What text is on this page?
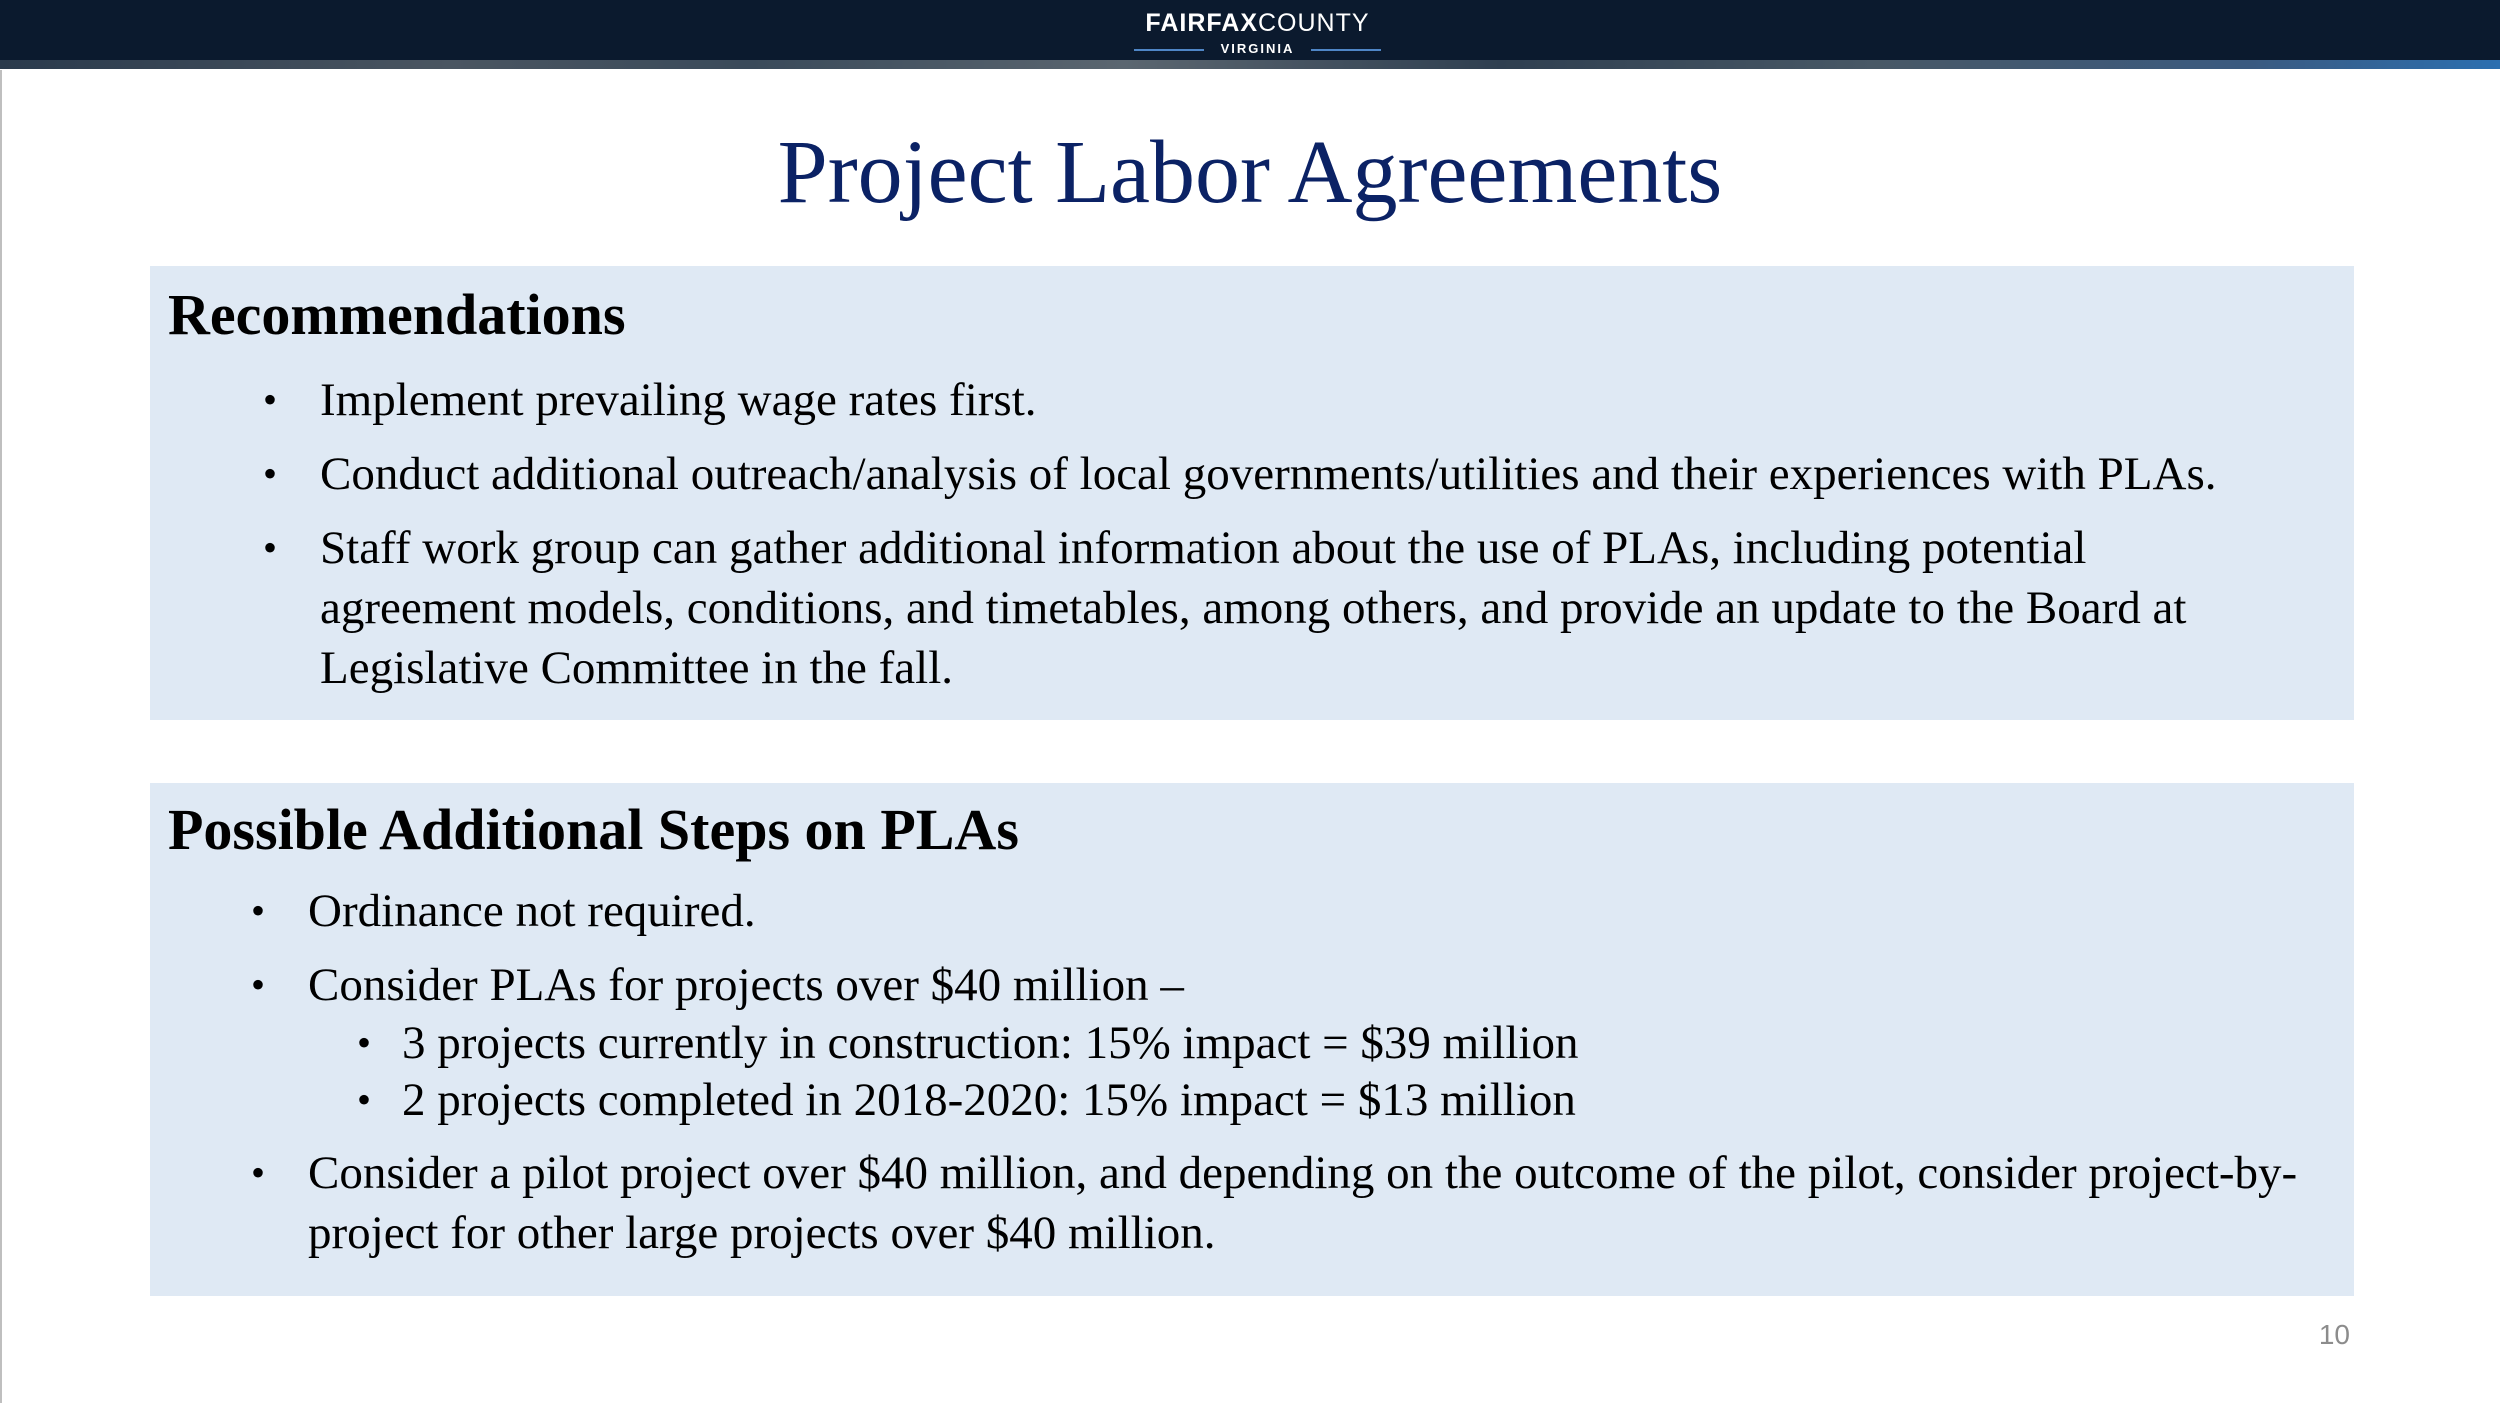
FAIRFAXCOUNTY
VIRGINIA
Project Labor Agreements
Recommendations
• Implement prevailing wage rates first.
• Conduct additional outreach/analysis of local governments/utilities and their experiences with PLAs.
• Staff work group can gather additional information about the use of PLAs, including potential agreement models, conditions, and timetables, among others, and provide an update to the Board at Legislative Committee in the fall.
Possible Additional Steps on PLAs
• Ordinance not required.
• Consider PLAs for projects over $40 million –
• 3 projects currently in construction: 15% impact = $39 million
• 2 projects completed in 2018-2020: 15% impact = $13 million
• Consider a pilot project over $40 million, and depending on the outcome of the pilot, consider project-by-project for other large projects over $40 million.
10
